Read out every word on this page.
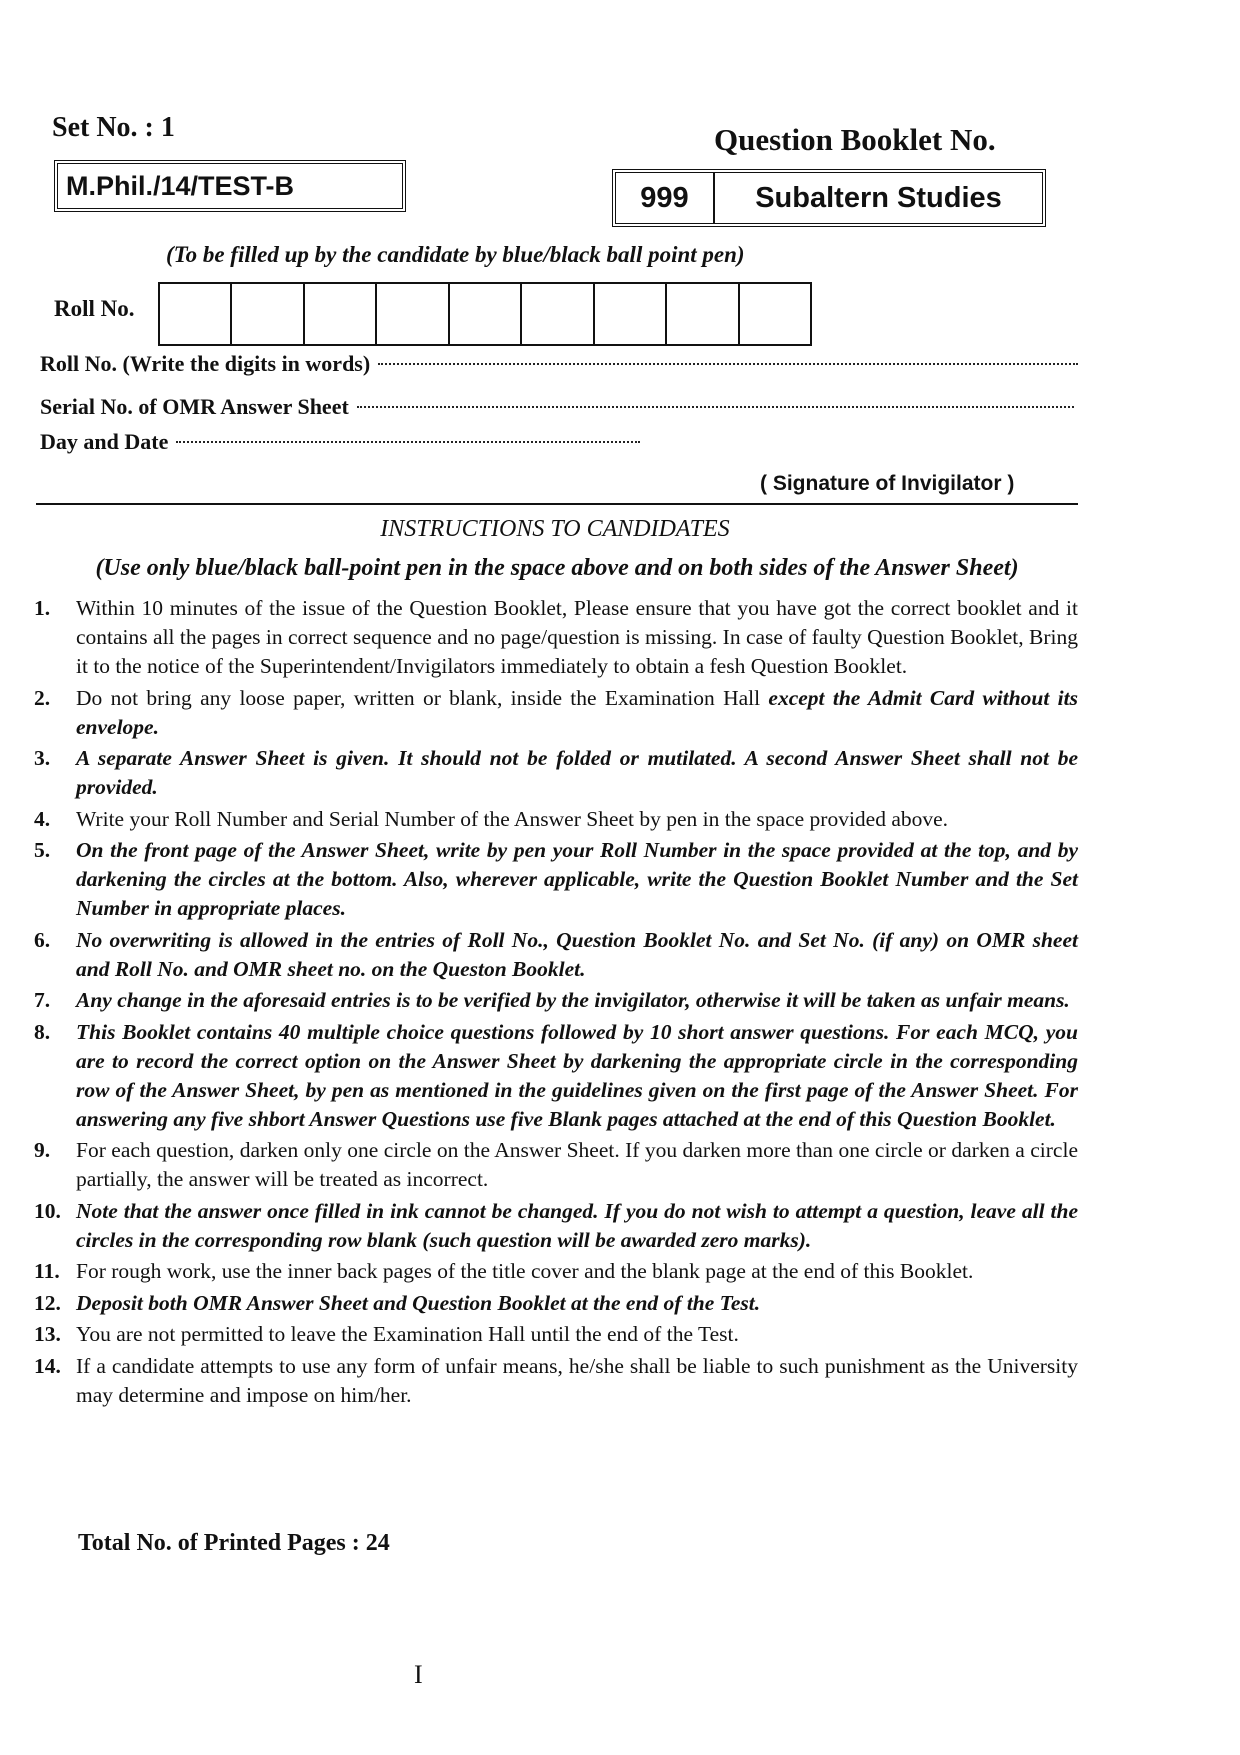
Set No. : 1	Question Booklet No.
M.Phil./14/TEST-B	999	Subaltern Studies
(To be filled up by the candidate by blue/black ball point pen)
Roll No.
Roll No. (Write the digits in words)
Serial No. of OMR Answer Sheet
Day and Date
( Signature of Invigilator )
INSTRUCTIONS TO CANDIDATES
(Use only blue/black ball-point pen in the space above and on both sides of the Answer Sheet)
1.	Within 10 minutes of the issue of the Question Booklet, Please ensure that you have got the correct booklet and it contains all the pages in correct sequence and no page/question is missing. In case of faulty Question Booklet, Bring it to the notice of the Superintendent/Invigilators immediately to obtain a fesh Question Booklet.
2.	Do not bring any loose paper, written or blank, inside the Examination Hall except the Admit Card without its envelope.
3.	A separate Answer Sheet is given. It should not be folded or mutilated. A second Answer Sheet shall not be provided.
4.	Write your Roll Number and Serial Number of the Answer Sheet by pen in the space provided above.
5.	On the front page of the Answer Sheet, write by pen your Roll Number in the space provided at the top, and by darkening the circles at the bottom. Also, wherever applicable, write the Question Booklet Number and the Set Number in appropriate places.
6.	No overwriting is allowed in the entries of Roll No., Question Booklet No. and Set No. (if any) on OMR sheet and Roll No. and OMR sheet no. on the Queston Booklet.
7.	Any change in the aforesaid entries is to be verified by the invigilator, otherwise it will be taken as unfair means.
8.	This Booklet contains 40 multiple choice questions followed by 10 short answer questions. For each MCQ, you are to record the correct option on the Answer Sheet by darkening the appropriate circle in the corresponding row of the Answer Sheet, by pen as mentioned in the guidelines given on the first page of the Answer Sheet. For answering any five shbort Answer Questions use five Blank pages attached at the end of this Question Booklet.
9.	For each question, darken only one circle on the Answer Sheet. If you darken more than one circle or darken a circle partially, the answer will be treated as incorrect.
10. Note that the answer once filled in ink cannot be changed. If you do not wish to attempt a question, leave all the circles in the corresponding row blank (such question will be awarded zero marks).
11. For rough work, use the inner back pages of the title cover and the blank page at the end of this Booklet.
12. Deposit both OMR Answer Sheet and Question Booklet at the end of the Test.
13. You are not permitted to leave the Examination Hall until the end of the Test.
14. If a candidate attempts to use any form of unfair means, he/she shall be liable to such punishment as the University may determine and impose on him/her.
Total No. of Printed Pages : 24
I
